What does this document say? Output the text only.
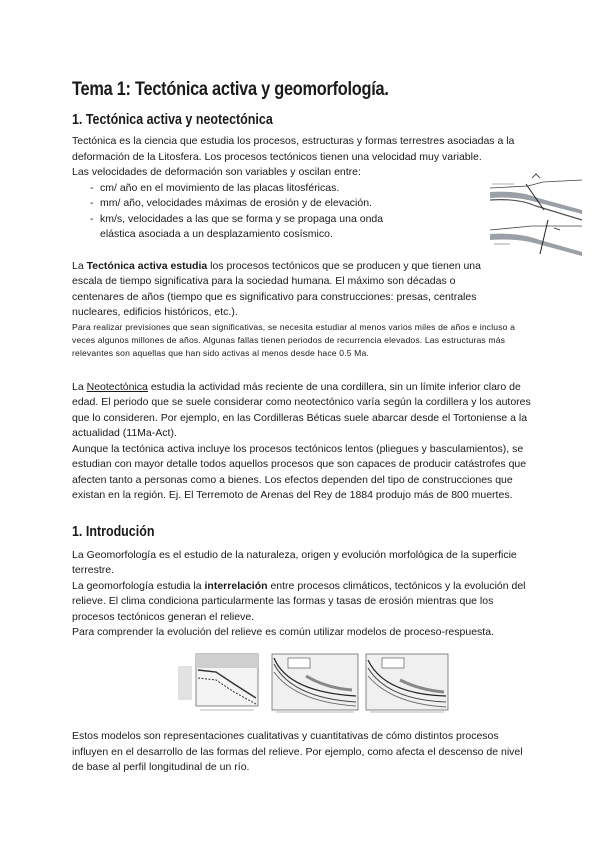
Tema 1: Tectónica activa y geomorfología.
1. Tectónica activa y neotectónica

Tectónica es la ciencia que estudia los procesos, estructuras y formas terrestres asociadas a la deformación de la Litosfera. Los procesos tectónicos tienen una velocidad muy variable.

Las velocidades de deformación son variables y oscilan entre:

- cm/ año en el movimiento de las placas litosféricas.
- mm/ año, velocidades máximas de erosión y de elevación.
- km/s, velocidades a las que se forma y se propaga una onda elástica asociada a un desplazamiento cosísmico.

La Tectónica activa estudia los procesos tectónicos que se producen y que tienen una escala de tiempo significativa para la sociedad humana. El máximo son décadas o centenares de años (tiempo que es significativo para construcciones: presas, centrales nucleares, edificios históricos, etc.).

Para realizar previsiones que sean significativas, se necesita estudiar al menos varios miles de años e incluso a veces algunos millones de años. Algunas fallas tienen periodos de recurrencia elevados. Las estructuras más relevantes son aquellas que han sido activas al menos desde hace 0.5 Ma.

La Neotectónica estudia la actividad más reciente de una cordillera, sin un límite inferior claro de edad. El periodo que se suele considerar como neotectónico varía según la cordillera y los autores que lo consideren. Por ejemplo, en las Cordilleras Béticas suele abarcar desde el Tortoniense a la actualidad (11Ma-Act).

Aunque la tectónica activa incluye los procesos tectónicos lentos (pliegues y basculamientos), se estudian con mayor detalle todos aquellos procesos que son capaces de producir catástrofes que afecten tanto a personas como a bienes. Los efectos dependen del tipo de construcciones que existan en la región. Ej. El Terremoto de Arenas del Rey de 1884 produjo más de 800 muertes.

1. Introdución

La Geomorfología es el estudio de la naturaleza, origen y evolución morfológica de la superficie terrestre.

La geomorfología estudia la interrelación entre procesos climáticos, tectónicos y la evolución del relieve. El clima condiciona particularmente las formas y tasas de erosión mientras que los procesos tectónicos generan el relieve.

Para comprender la evolución del relieve es común utilizar modelos de proceso-respuesta.

Estos modelos son representaciones cualitativas y cuantitativas de cómo distintos procesos influyen en el desarrollo de las formas del relieve. Por ejemplo, como afecta el descenso de nivel de base al perfil longitudinal de un río.
